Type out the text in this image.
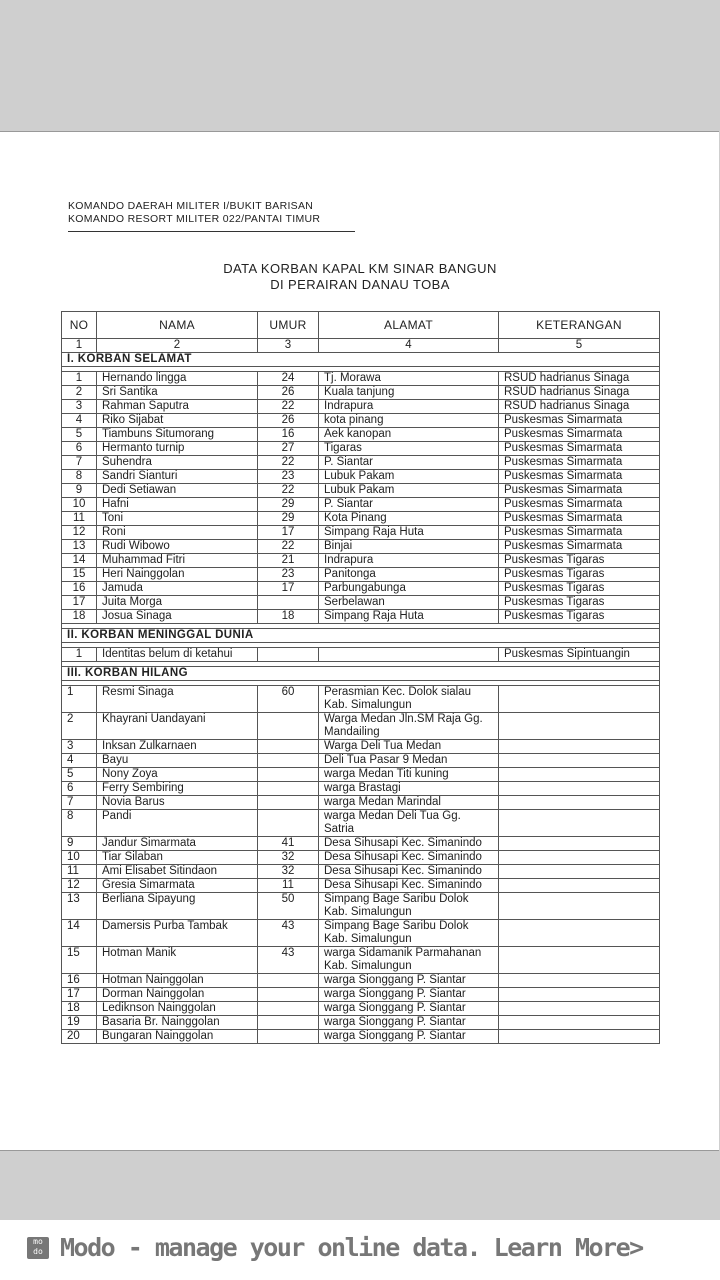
KOMANDO DAERAH MILITER I/BUKIT BARISAN
KOMANDO RESORT MILITER 022/PANTAI TIMUR
DATA KORBAN KAPAL KM SINAR BANGUN
DI PERAIRAN DANAU TOBA
NO	NAMA	UMUR	ALAMAT	KETERANGAN
1	2	3	4	5
I. KORBAN SELAMAT				

1	Hernando lingga	24	Tj. Morawa	RSUD hadrianus Sinaga
2	Sri Santika	26	Kuala tanjung	RSUD hadrianus Sinaga
3	Rahman Saputra	22	Indrapura	RSUD hadrianus Sinaga
4	Riko Sijabat	26	kota pinang	Puskesmas Simarmata
5	Tiambuns Situmorang	16	Aek kanopan	Puskesmas Simarmata
6	Hermanto turnip	27	Tigaras	Puskesmas Simarmata
7	Suhendra	22	P. Siantar	Puskesmas Simarmata
8	Sandri Sianturi	23	Lubuk Pakam	Puskesmas Simarmata
9	Dedi Setiawan	22	Lubuk Pakam	Puskesmas Simarmata
10	Hafni	29	P. Siantar	Puskesmas Simarmata
11	Toni	29	Kota Pinang	Puskesmas Simarmata
12	Roni	17	Simpang Raja Huta	Puskesmas Simarmata
13	Rudi Wibowo	22	Binjai	Puskesmas Simarmata
14	Muhammad Fitri	21	Indrapura	Puskesmas Tigaras
15	Heri Nainggolan	23	Panitonga	Puskesmas Tigaras
16	Jamuda	17	Parbungabunga	Puskesmas Tigaras
17	Juita Morga		Serbelawan	Puskesmas Tigaras
18	Josua Sinaga	18	Simpang Raja Huta	Puskesmas Tigaras

II. KORBAN MENINGGAL DUNIA				

1	Identitas belum di ketahui			Puskesmas Sipintuangin

III. KORBAN HILANG				

1	Resmi Sinaga	60	Perasmian Kec. Dolok sialau Kab. Simalungun	
2	Khayrani Uandayani		Warga Medan Jln.SM Raja Gg. Mandailing	
3	Inksan Zulkarnaen		Warga Deli Tua Medan	
4	Bayu		Deli Tua Pasar 9 Medan	
5	Nony Zoya		warga Medan Titi kuning	
6	Ferry Sembiring		warga Brastagi	
7	Novia Barus		warga Medan Marindal	
8	Pandi		warga Medan Deli Tua Gg. Satria	
9	Jandur Simarmata	41	Desa Sihusapi Kec. Simanindo	
10	Tiar Silaban	32	Desa Sihusapi Kec. Simanindo	
11	Ami Elisabet Sitindaon	32	Desa Sihusapi Kec. Simanindo	
12	Gresia Simarmata	11	Desa Sihusapi Kec. Simanindo	
13	Berliana Sipayung	50	Simpang Bage Saribu Dolok Kab. Simalungun	
14	Damersis Purba Tambak	43	Simpang Bage Saribu Dolok Kab. Simalungun	
15	Hotman Manik	43	warga Sidamanik Parmahanan Kab. Simalungun	
16	Hotman Nainggolan		warga Sionggang P. Siantar	
17	Dorman Nainggolan		warga Sionggang P. Siantar	
18	Lediknson Nainggolan		warga Sionggang P. Siantar	
19	Basaria Br. Nainggolan		warga Sionggang P. Siantar	
20	Bungaran Nainggolan		warga Sionggang P. Siantar	
mo do Modo - manage your online data. Learn More>
